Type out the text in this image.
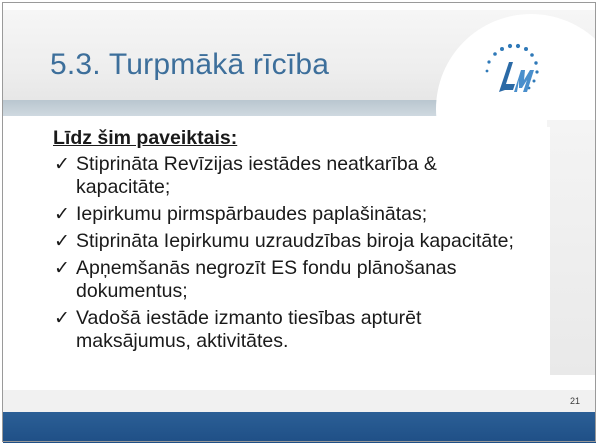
5.3. Turpmākā rīcība
Līdz šim paveiktais:
✓ Stiprināta Revīzijas iestādes neatkarība &
kapacitāte;
✓ Iepirkumu pirmspārbaudes paplašinātas;
✓ Stiprināta Iepirkumu uzraudzības biroja kapacitāte;
✓ Apņemšanās negrozīt ES fondu plānošanas
dokumentus;
✓ Vadošā iestāde izmanto tiesības apturēt
maksājumus, aktivitātes.
21
